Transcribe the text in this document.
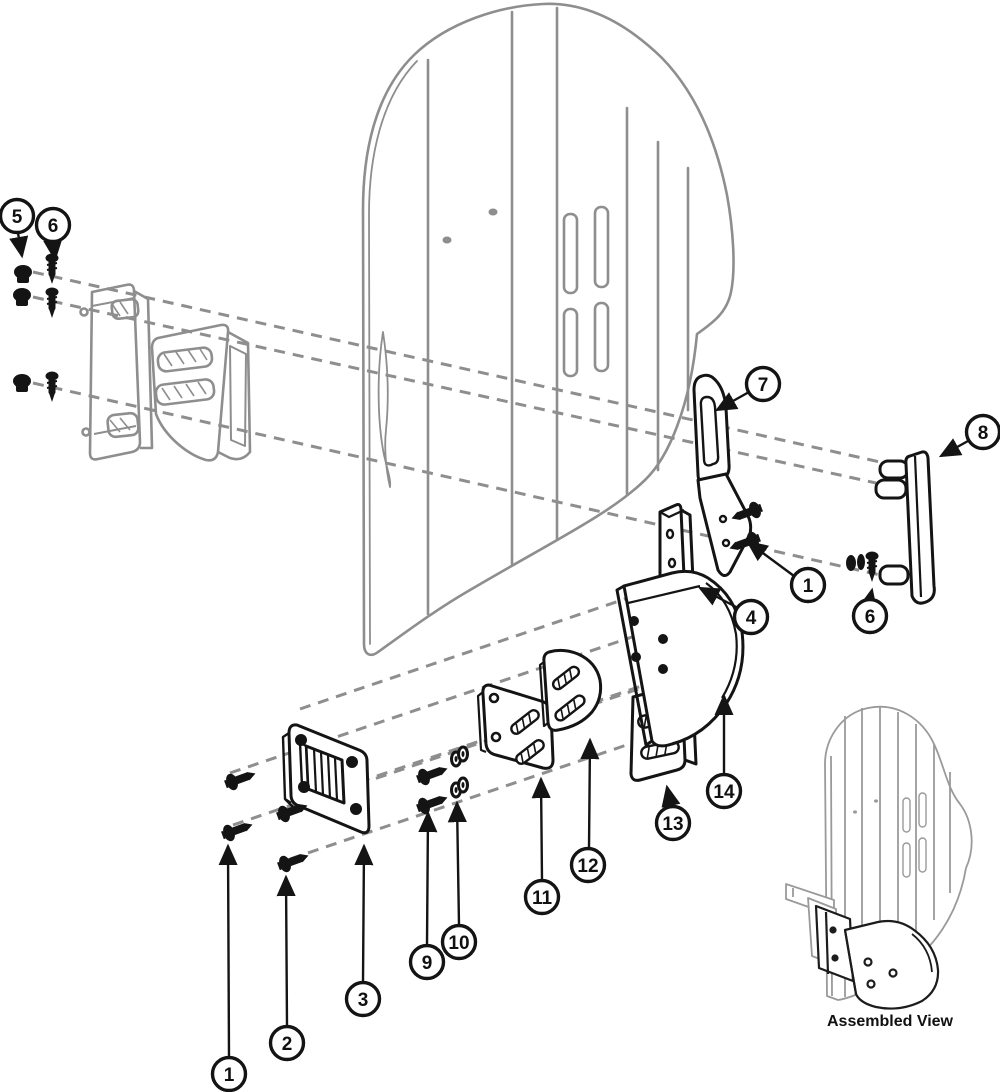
5 6
7
8
1
4	6
14
13
12
11
10
9
3
2
1
Assembled View
